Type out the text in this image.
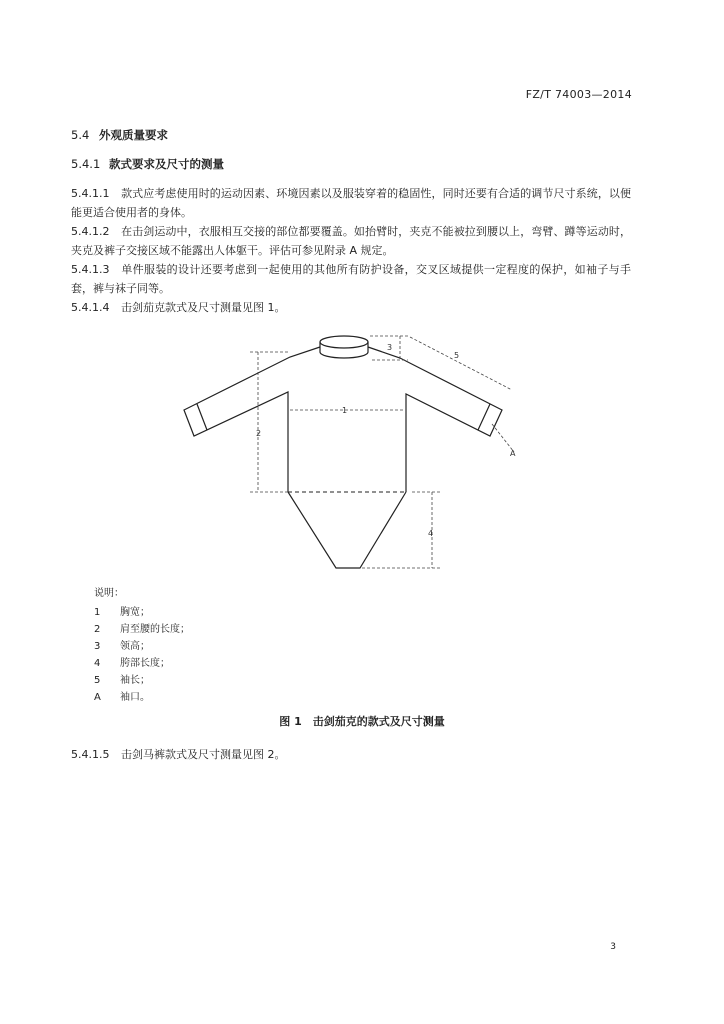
FZ/T 74003—2014
5.4 外观质量要求
5.4.1 款式要求及尺寸的测量
5.4.1.1 款式应考虑使用时的运动因素、环境因素以及服装穿着的稳固性，同时还要有合适的调节尺寸系统，以便能更适合使用者的身体。
5.4.1.2 在击剑运动中，衣服相互交接的部位都要覆盖。如抬臂时，夹克不能被拉到腰以上，弯臂、蹲等运动时，夹克及裤子交接区域不能露出人体躯干。评估可参见附录 A 规定。
5.4.1.3 单件服装的设计还要考虑到一起使用的其他所有防护设备，交叉区域提供一定程度的保护，如袖子与手套，裤与袜子同等。
5.4.1.4 击剑茄克款式及尺寸测量见图 1。
1
2
3
4
5
A
说明：
1 胸宽；
2 肩至腰的长度；
3 领高；
4 胯部长度；
5 袖长；
A 袖口。
图 1　击剑茄克的款式及尺寸测量
5.4.1.5 击剑马裤款式及尺寸测量见图 2。
3
